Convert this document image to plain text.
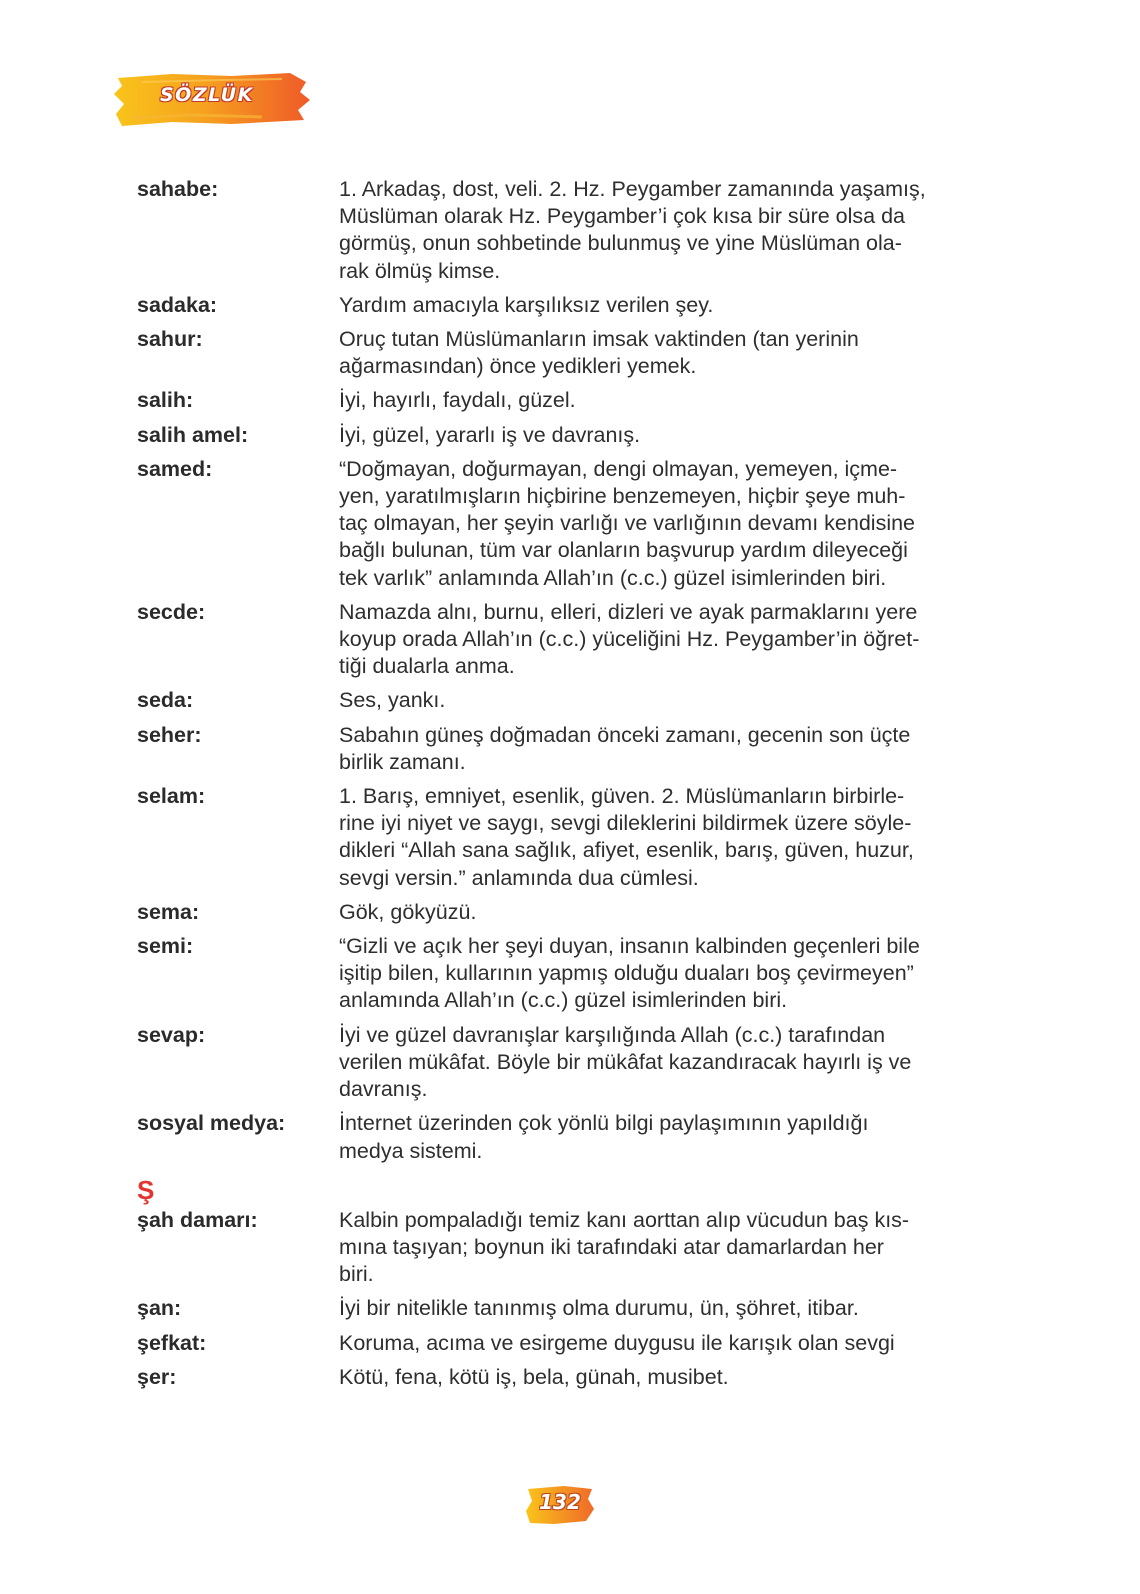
SÖZLÜK
sahabe:	1. Arkadaş, dost, veli. 2. Hz. Peygamber zamanında yaşamış,
Müslüman olarak Hz. Peygamber’i çok kısa bir süre olsa da
görmüş, onun sohbetinde bulunmuş ve yine Müslüman ola-
rak ölmüş kimse.
sadaka:	Yardım amacıyla karşılıksız verilen şey.
sahur:	Oruç tutan Müslümanların imsak vaktinden (tan yerinin
ağarmasından) önce yedikleri yemek.
salih:	İyi, hayırlı, faydalı, güzel.
salih amel:	İyi, güzel, yararlı iş ve davranış.
samed:	“Doğmayan, doğurmayan, dengi olmayan, yemeyen, içme-
yen, yaratılmışların hiçbirine benzemeyen, hiçbir şeye muh-
taç olmayan, her şeyin varlığı ve varlığının devamı kendisine
bağlı bulunan, tüm var olanların başvurup yardım dileyeceği
tek varlık” anlamında Allah’ın (c.c.) güzel isimlerinden biri.
secde:	Namazda alnı, burnu, elleri, dizleri ve ayak parmaklarını yere
koyup orada Allah’ın (c.c.) yüceliğini Hz. Peygamber’in öğret-
tiği dualarla anma.
seda:	Ses, yankı.
seher:	Sabahın güneş doğmadan önceki zamanı, gecenin son üçte
birlik zamanı.
selam:	1. Barış, emniyet, esenlik, güven. 2. Müslümanların birbirle-
rine iyi niyet ve saygı, sevgi dileklerini bildirmek üzere söyle-
dikleri “Allah sana sağlık, afiyet, esenlik, barış, güven, huzur,
sevgi versin.” anlamında dua cümlesi.
sema:	Gök, gökyüzü.
semi:	“Gizli ve açık her şeyi duyan, insanın kalbinden geçenleri bile
işitip bilen, kullarının yapmış olduğu duaları boş çevirmeyen”
anlamında Allah’ın (c.c.) güzel isimlerinden biri.
sevap:	İyi ve güzel davranışlar karşılığında Allah (c.c.) tarafından
verilen mükâfat. Böyle bir mükâfat kazandıracak hayırlı iş ve
davranış.
sosyal medya:	İnternet üzerinden çok yönlü bilgi paylaşımının yapıldığı
medya sistemi.
Ş
şah damarı:	Kalbin pompaladığı temiz kanı aorttan alıp vücudun baş kıs-
mına taşıyan; boynun iki tarafındaki atar damarlardan her
biri.
şan:	İyi bir nitelikle tanınmış olma durumu, ün, şöhret, itibar.
şefkat:	Koruma, acıma ve esirgeme duygusu ile karışık olan sevgi
şer:	Kötü, fena, kötü iş, bela, günah, musibet.
132
